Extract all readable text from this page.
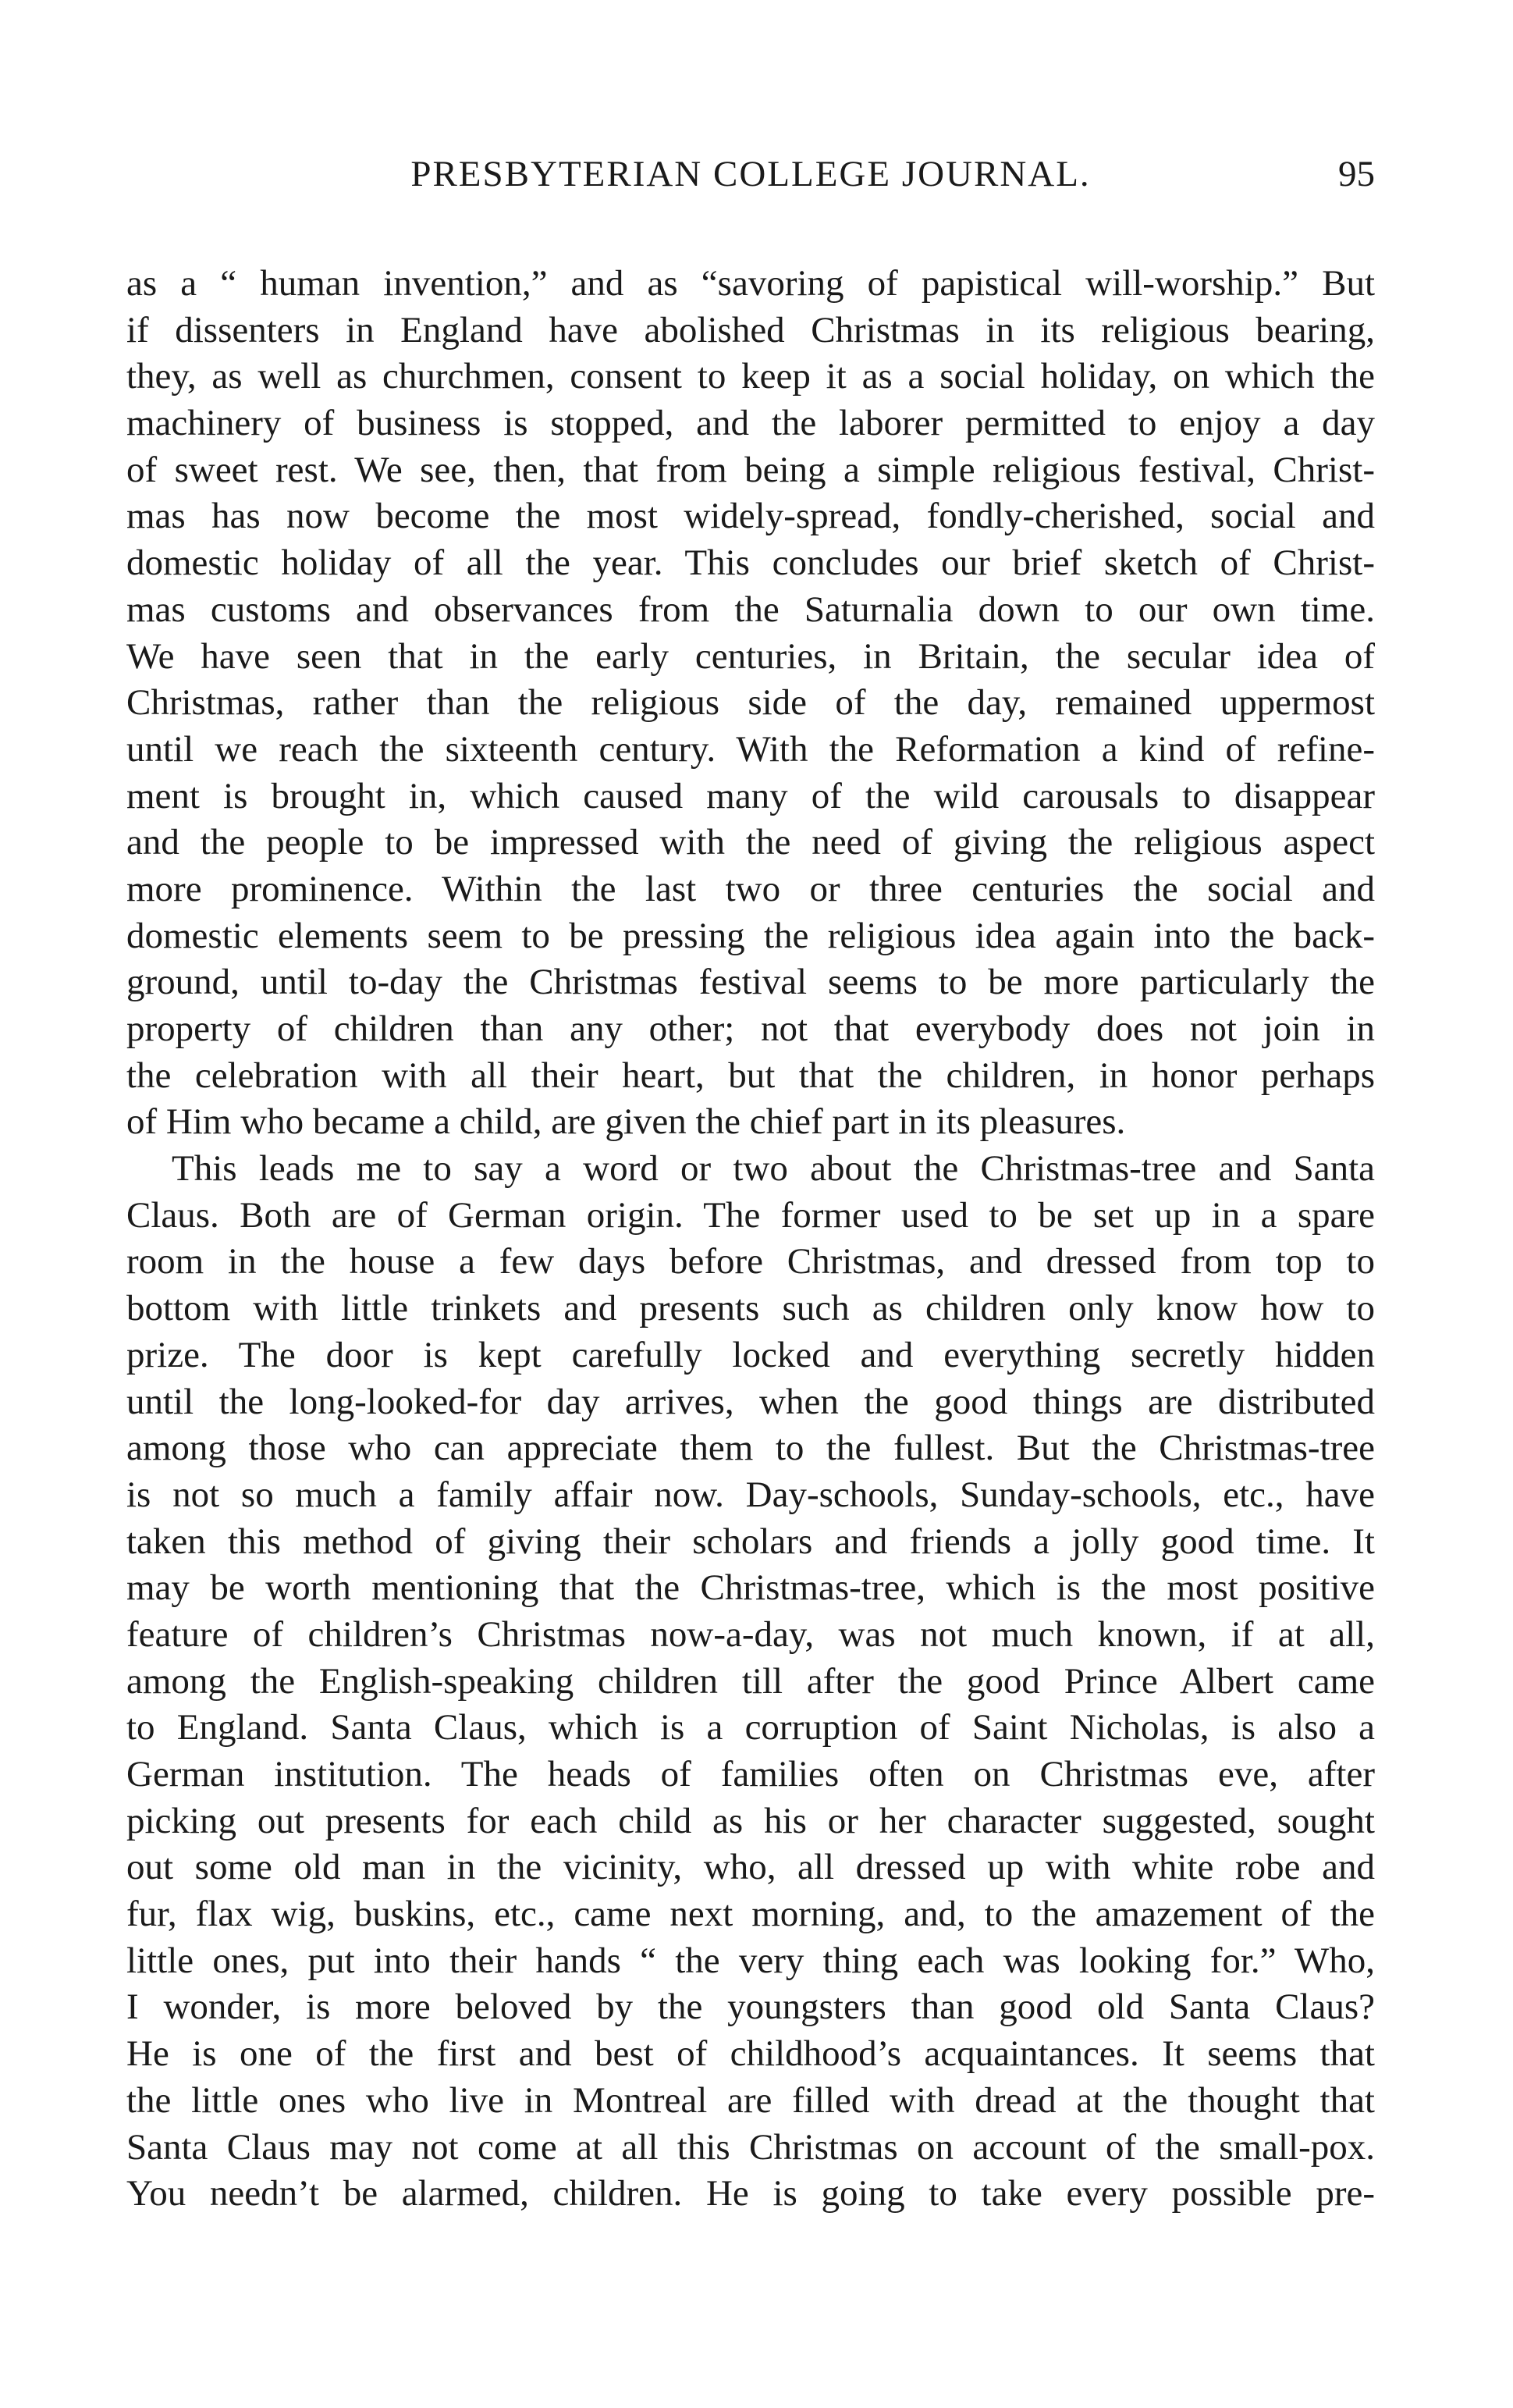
PRESBYTERIAN COLLEGE JOURNAL.	95
as a “ human invention,” and as “savoring of papistical will-worship.” But
if dissenters in England have abolished Christmas in its religious bearing,
they, as well as churchmen, consent to keep it as a social holiday, on which the
machinery of business is stopped, and the laborer permitted to enjoy a day
of sweet rest. We see, then, that from being a simple religious festival, Christ-
mas has now become the most widely-spread, fondly-cherished, social and
domestic holiday of all the year. This concludes our brief sketch of Christ-
mas customs and observances from the Saturnalia down to our own time.
We have seen that in the early centuries, in Britain, the secular idea of
Christmas, rather than the religious side of the day, remained uppermost
until we reach the sixteenth century. With the Reformation a kind of refine-
ment is brought in, which caused many of the wild carousals to disappear
and the people to be impressed with the need of giving the religious aspect
more prominence. Within the last two or three centuries the social and
domestic elements seem to be pressing the religious idea again into the back-
ground, until to-day the Christmas festival seems to be more particularly the
property of children than any other; not that everybody does not join in
the celebration with all their heart, but that the children, in honor perhaps
of Him who became a child, are given the chief part in its pleasures.
This leads me to say a word or two about the Christmas-tree and Santa
Claus. Both are of German origin. The former used to be set up in a spare
room in the house a few days before Christmas, and dressed from top to
bottom with little trinkets and presents such as children only know how to
prize. The door is kept carefully locked and everything secretly hidden
until the long-looked-for day arrives, when the good things are distributed
among those who can appreciate them to the fullest. But the Christmas-tree
is not so much a family affair now. Day-schools, Sunday-schools, etc., have
taken this method of giving their scholars and friends a jolly good time. It
may be worth mentioning that the Christmas-tree, which is the most positive
feature of children’s Christmas now-a-day, was not much known, if at all,
among the English-speaking children till after the good Prince Albert came
to England. Santa Claus, which is a corruption of Saint Nicholas, is also a
German institution. The heads of families often on Christmas eve, after
picking out presents for each child as his or her character suggested, sought
out some old man in the vicinity, who, all dressed up with white robe and
fur, flax wig, buskins, etc., came next morning, and, to the amazement of the
little ones, put into their hands “ the very thing each was looking for.” Who,
I wonder, is more beloved by the youngsters than good old Santa Claus?
He is one of the first and best of childhood’s acquaintances. It seems that
the little ones who live in Montreal are filled with dread at the thought that
Santa Claus may not come at all this Christmas on account of the small-pox.
You needn’t be alarmed, children. He is going to take every possible pre-
